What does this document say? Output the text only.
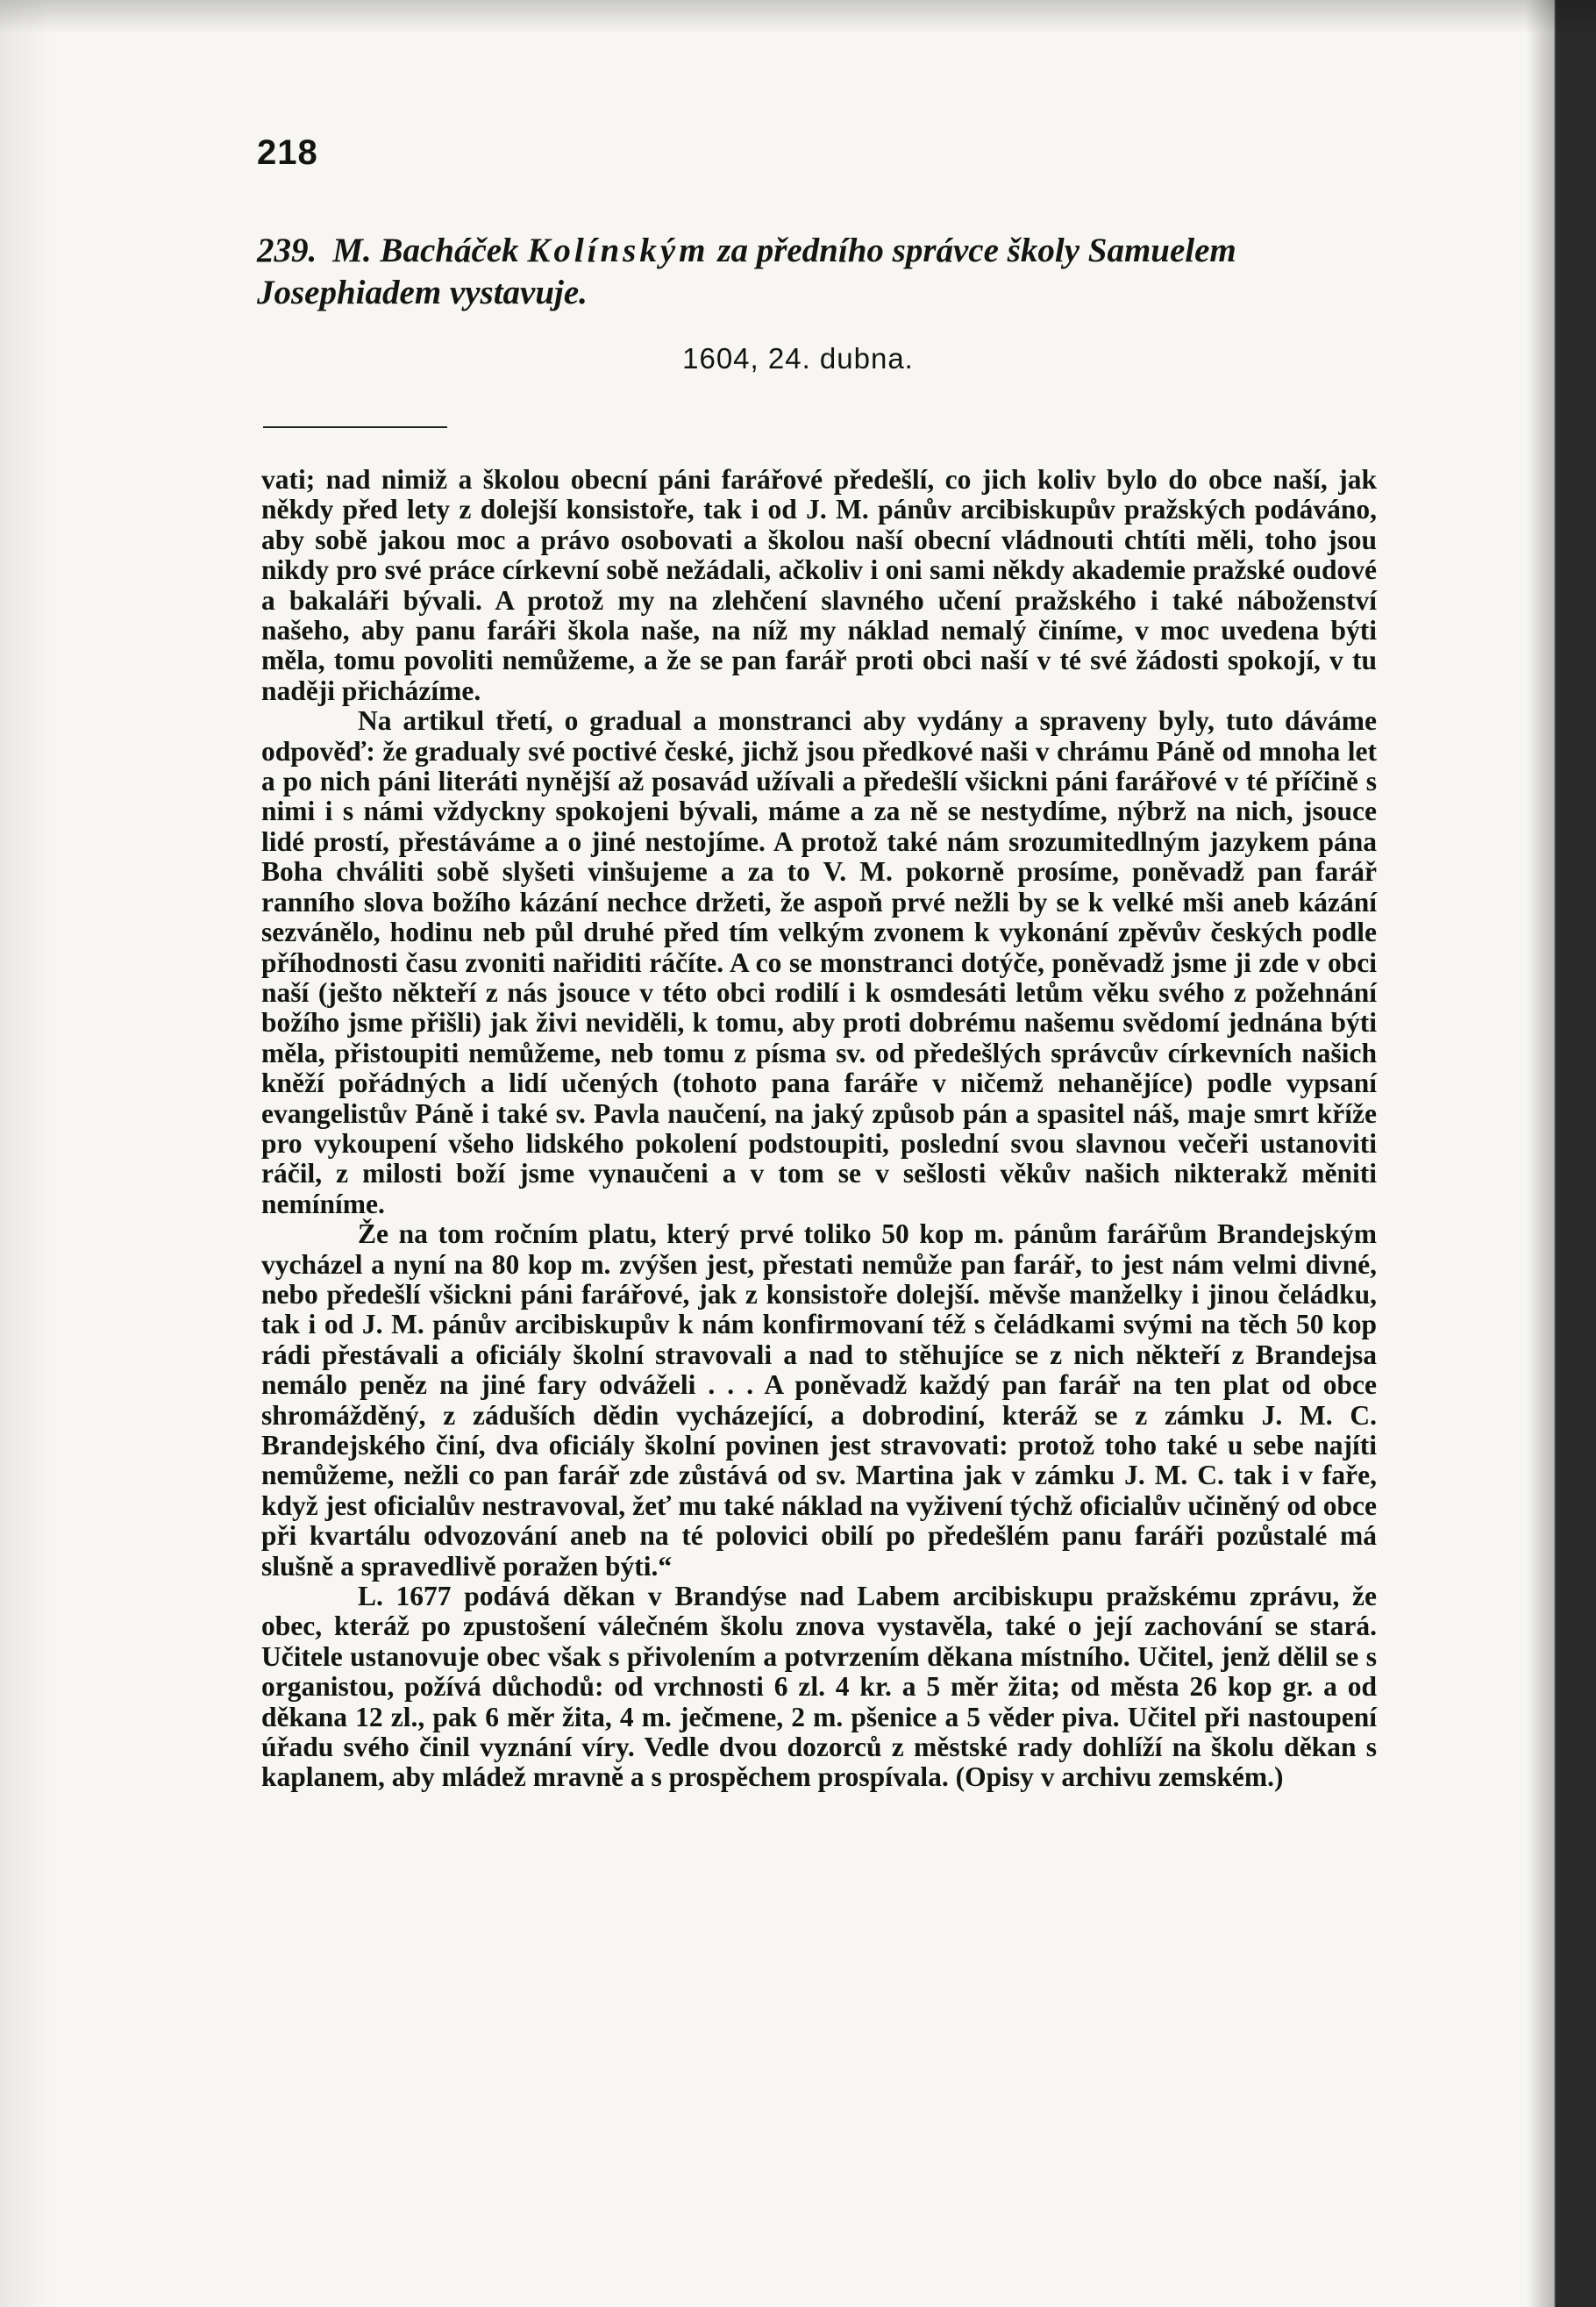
218
239. M. Bacháček Kolínským za předního správce školy Samuelem Josephiadem vystavuje.
1604, 24. dubna.

vati; nad nimiž a školou obecní páni farářové předešlí, co jich koliv bylo do obce naší, jak někdy před lety z dolejší konsistoře, tak i od J. M. pánův arcibiskupův pražských podáváno, aby sobě jakou moc a právo osobovati a školou naší obecní vládnouti chtíti měli, toho jsou nikdy pro své práce církevní sobě nežádali, ačkoliv i oni sami někdy akademie pražské oudové a bakaláři bývali. A protož my na zlehčení slavného učení pražského i také náboženství našeho, aby panu faráři škola naše, na níž my náklad nemalý činíme, v moc uvedena býti měla, tomu povoliti nemůžeme, a že se pan farář proti obci naší v té své žádosti spokojí, v tu naději přicházíme.

Na artikul třetí, o gradual a monstranci aby vydány a spraveny byly, tuto dáváme odpověď: že gradualy své poctivé české, jichž jsou předkové naši v chrámu Páně od mnoha let a po nich páni literáti nynější až posavád užívali a předešlí všickni páni farářové v té příčině s nimi i s námi vždyckny spokojeni bývali, máme a za ně se nestydíme, nýbrž na nich, jsouce lidé prostí, přestáváme a o jiné nestojíme. A protož také nám srozumitedlným jazykem pána Boha chváliti sobě slyšeti vinšujeme a za to V. M. pokorně prosíme, poněvadž pan farář ranního slova božího kázání nechce držeti, že aspoň prvé nežli by se k velké mši aneb kázání sezvánělo, hodinu neb půl druhé před tím velkým zvonem k vykonání zpěvův českých podle příhodnosti času zvoniti nařiditi ráčíte. A co se monstranci dotýče, poněvadž jsme ji zde v obci naší (ješto někteří z nás jsouce v této obci rodilí i k osmdesáti letům věku svého z požehnání božího jsme přišli) jak živi neviděli, k tomu, aby proti dobrému našemu svědomí jednána býti měla, přistoupiti nemůžeme, neb tomu z písma sv. od předešlých správcův církevních našich kněží pořádných a lidí učených (tohoto pana faráře v ničemž nehanějíce) podle vypsaní evangelistův Páně i také sv. Pavla naučení, na jaký způsob pán a spasitel náš, maje smrt kříže pro vykoupení všeho lidského pokolení podstoupiti, poslední svou slavnou večeři ustanoviti ráčil, z milosti boží jsme vynaučeni a v tom se v sešlosti věkův našich nikterakž měniti nemíníme.

Že na tom ročním platu, který prvé toliko 50 kop m. pánům farářům Brandejským vycházel a nyní na 80 kop m. zvýšen jest, přestati nemůže pan farář, to jest nám velmi divné, nebo předešlí všickni páni farářové, jak z konsistoře dolejší. měvše manželky i jinou čeládku, tak i od J. M. pánův arcibiskupův k nám konfirmovaní též s čeládkami svými na těch 50 kop rádi přestávali a oficiály školní stravovali a nad to stěhujíce se z nich někteří z Brandejsa nemálo peněz na jiné fary odváželi . . . A poněvadž každý pan farář na ten plat od obce shromážděný, z záduších dědin vycházející, a dobrodiní, kteráž se z zámku J. M. C. Brandejského činí, dva oficiály školní povinen jest stravovati: protož toho také u sebe najíti nemůžeme, nežli co pan farář zde zůstává od sv. Martina jak v zámku J. M. C. tak i v faře, když jest oficialův nestravoval, žeť mu také náklad na vyživení týchž oficialův učiněný od obce při kvartálu odvozování aneb na té polovici obilí po předešlém panu faráři pozůstalé má slušně a spravedlivě poražen býti.“

L. 1677 podává děkan v Brandýse nad Labem arcibiskupu pražskému zprávu, že obec, kteráž po zpustošení válečném školu znova vystavěla, také o její zachování se stará. Učitele ustanovuje obec však s přivolením a potvrzením děkana místního. Učitel, jenž dělil se s organistou, požívá důchodů: od vrchnosti 6 zl. 4 kr. a 5 měr žita; od města 26 kop gr. a od děkana 12 zl., pak 6 měr žita, 4 m. ječmene, 2 m. pšenice a 5 věder piva. Učitel při nastoupení úřadu svého činil vyznání víry. Vedle dvou dozorců z městské rady dohlíží na školu děkan s kaplanem, aby mládež mravně a s prospěchem prospívala. (Opisy v archivu zemském.)
